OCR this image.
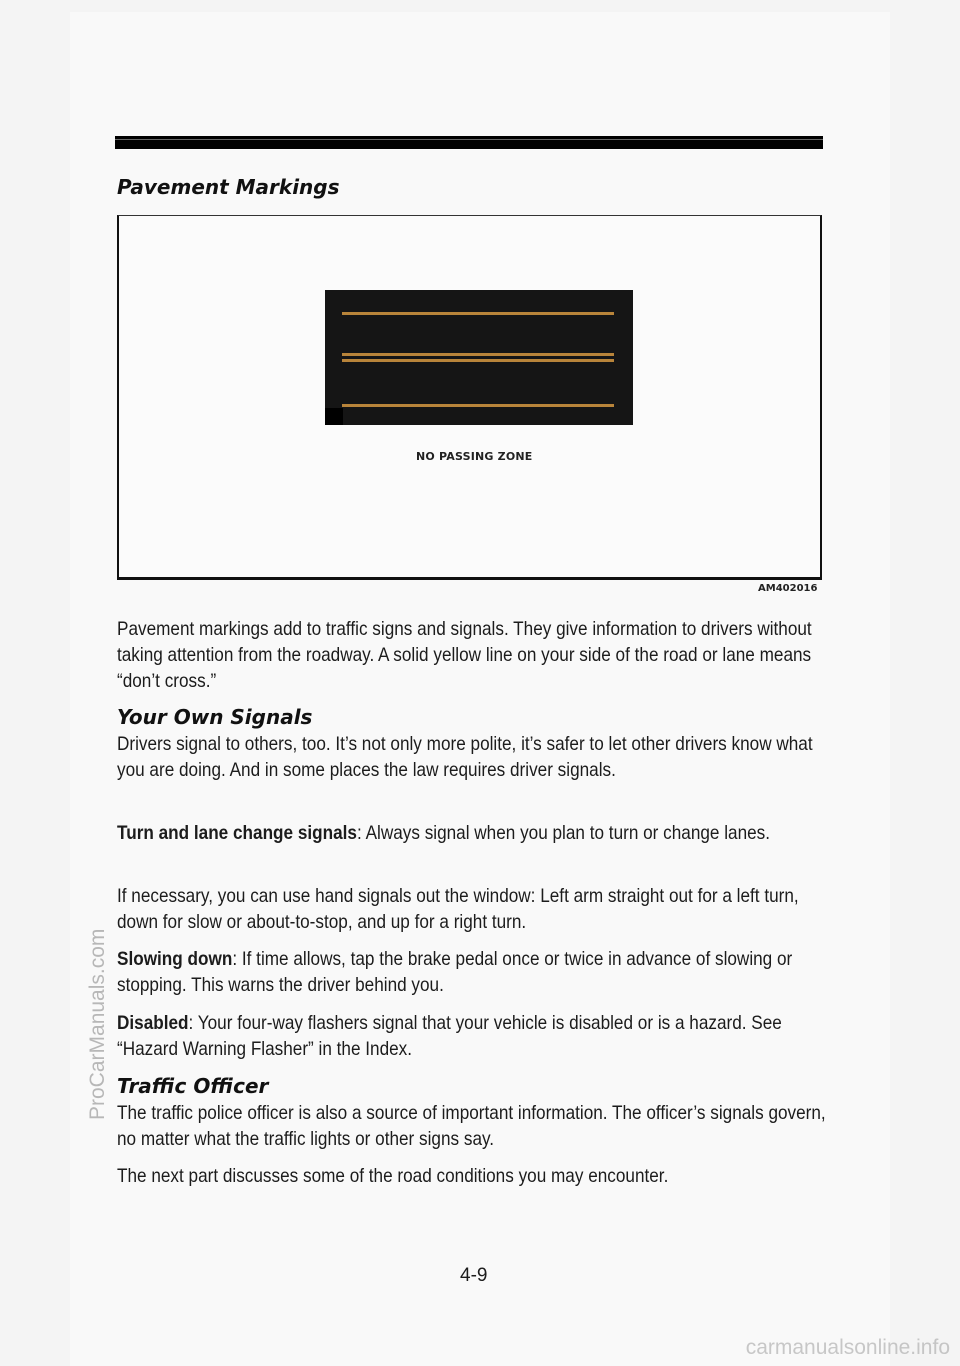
Pavement Markings
NO PASSING ZONE
AM402016

Pavement markings add to traffic signs and signals. They give information to drivers without taking attention from the roadway. A solid yellow line on your side of the road or lane means “don’t cross.”

Your Own Signals

Drivers signal to others, too. It’s not only more polite, it’s safer to let other drivers know what you are doing. And in some places the law requires driver signals.

Turn and lane change signals: Always signal when you plan to turn or change lanes.

If necessary, you can use hand signals out the window: Left arm straight out for a left turn, down for slow or about-to-stop, and up for a right turn.

Slowing down: If time allows, tap the brake pedal once or twice in advance of slowing or stopping. This warns the driver behind you.

Disabled: Your four-way flashers signal that your vehicle is disabled or is a hazard. See “Hazard Warning Flasher” in the Index.

Traffic Officer

The traffic police officer is also a source of important information. The officer’s signals govern, no matter what the traffic lights or other signs say.

The next part discusses some of the road conditions you may encounter.

4-9
ProCarManuals.com
carmanualsonline.info
